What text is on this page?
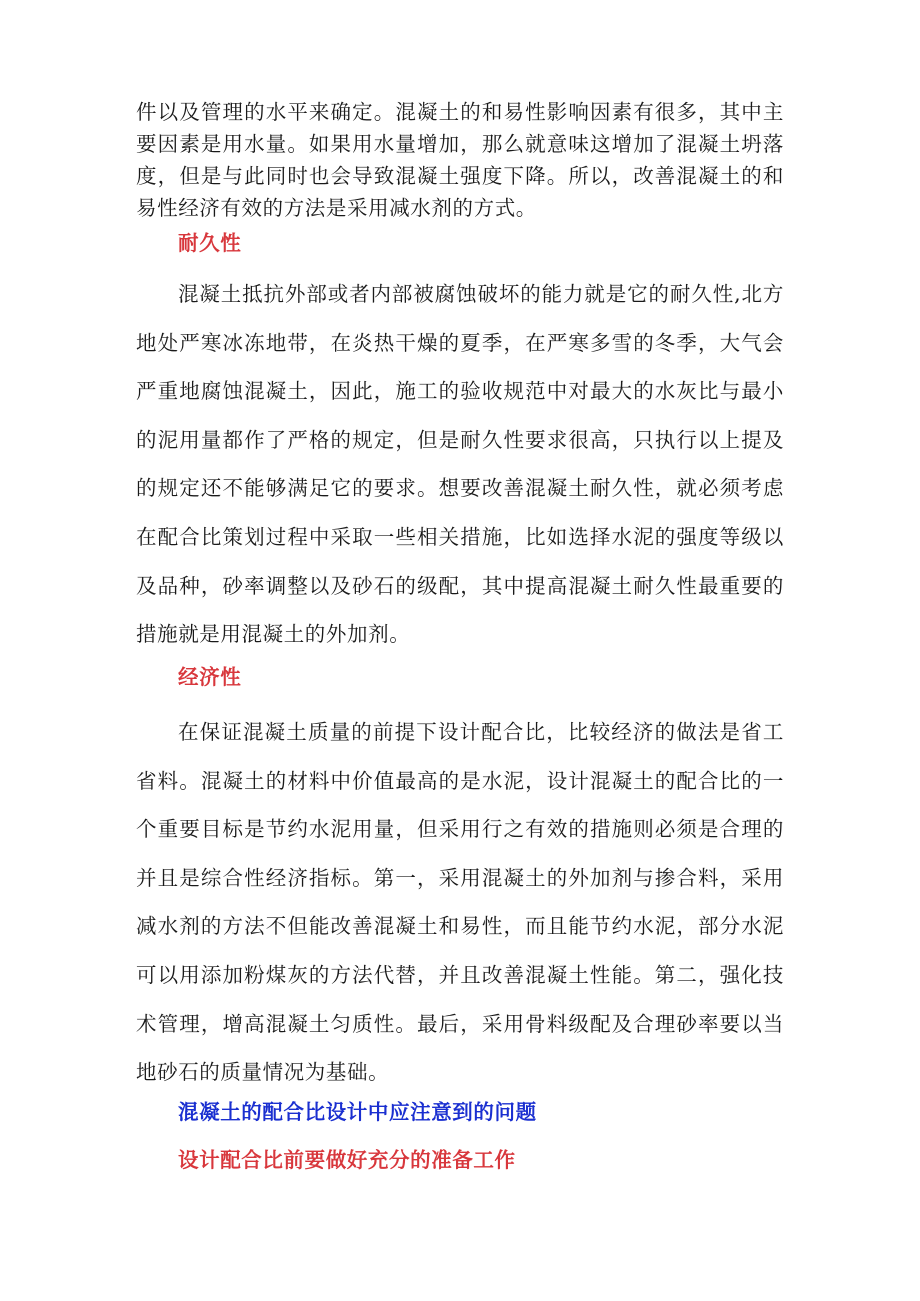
件以及管理的水平来确定。混凝土的和易性影响因素有很多，其中主要因素是用水量。如果用水量增加，那么就意味这增加了混凝土坍落度，但是与此同时也会导致混凝土强度下降。所以，改善混凝土的和易性经济有效的方法是采用减水剂的方式。

耐久性

混凝土抵抗外部或者内部被腐蚀破坏的能力就是它的耐久性,北方地处严寒冰冻地带，在炎热干燥的夏季，在严寒多雪的冬季，大气会严重地腐蚀混凝土，因此，施工的验收规范中对最大的水灰比与最小的泥用量都作了严格的规定，但是耐久性要求很高，只执行以上提及的规定还不能够满足它的要求。想要改善混凝土耐久性，就必须考虑在配合比策划过程中采取一些相关措施，比如选择水泥的强度等级以及品种，砂率调整以及砂石的级配，其中提高混凝土耐久性最重要的措施就是用混凝土的外加剂。

经济性

在保证混凝土质量的前提下设计配合比，比较经济的做法是省工省料。混凝土的材料中价值最高的是水泥，设计混凝土的配合比的一个重要目标是节约水泥用量，但采用行之有效的措施则必须是合理的并且是综合性经济指标。第一，采用混凝土的外加剂与掺合料，采用减水剂的方法不但能改善混凝土和易性，而且能节约水泥，部分水泥可以用添加粉煤灰的方法代替，并且改善混凝土性能。第二，强化技术管理，增高混凝土匀质性。最后，采用骨料级配及合理砂率要以当地砂石的质量情况为基础。

混凝土的配合比设计中应注意到的问题
设计配合比前要做好充分的准备工作
